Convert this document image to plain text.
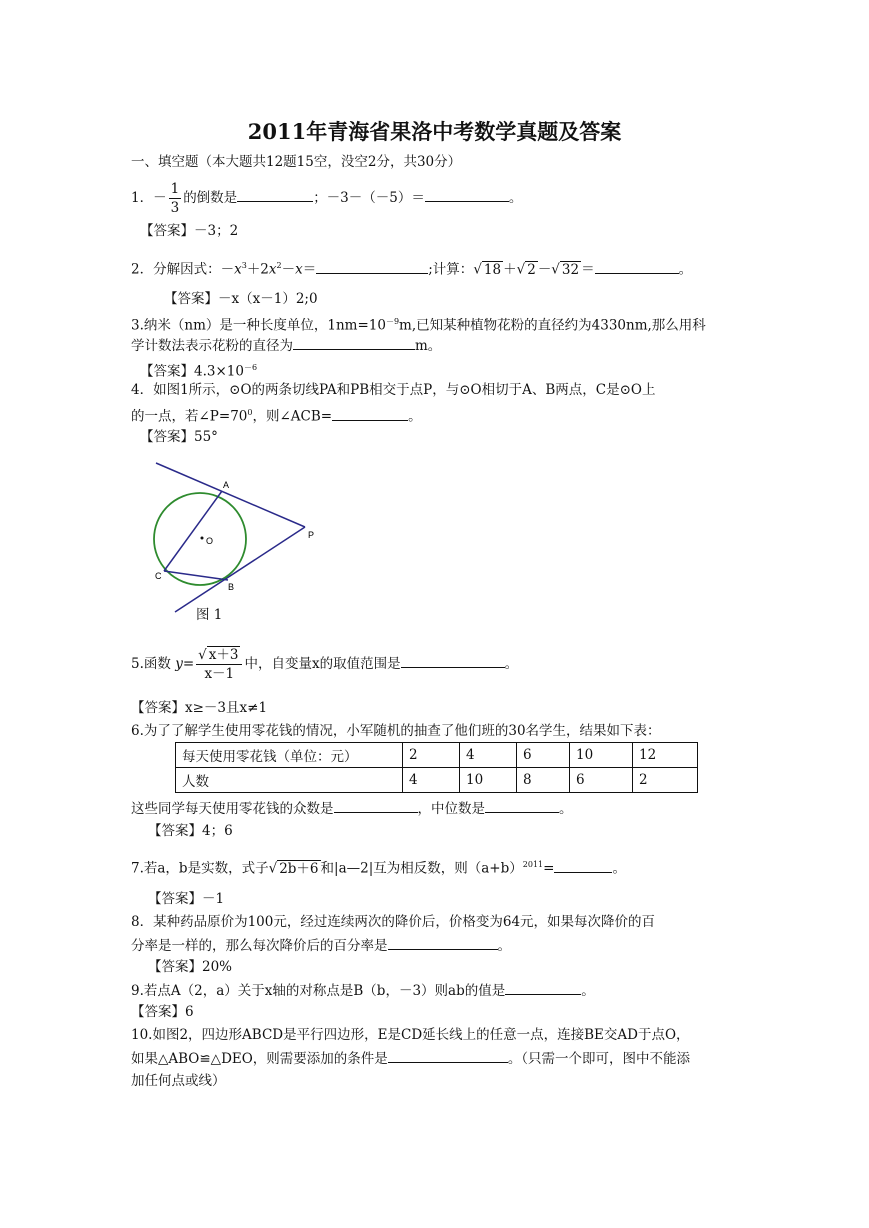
2011年青海省果洛中考数学真题及答案
一、填空题（本大题共12题15空，没空2分，共30分）
1．－ $\frac{1}{3}$ 的倒数是	；－3－（－5）＝	。
【答案】－3；2
2．分解因式：$-x^3+2x^2-x=$	;计算：√ 18 ＋√ 2 －√ 32 ＝	。
【答案】－x（x－1）2;0
3.纳米（nm）是一种长度单位，$1nm=10^{-9}m$,已知某种植物花粉的直径约为4330nm,那么用科
学计数法表示花粉的直径为	m。
【答案】$4.3\times 10^{-6}$
4．如图1所示，⊙O的两条切线PA和PB相交于点P，与⊙O相切于A、B两点，C是⊙O上
的一点，若$\angle P=70^0$，则∠ACB=	。
【答案】55°
A
O
P
C
B
图 1
5.函数 $y= \frac{√ x+3}{x-1}$ 中，自变量x的取值范围是	。
【答案】x≥－3且x≠1
6.为了了解学生使用零花钱的情况，小军随机的抽查了他们班的30名学生，结果如下表：
每天使用零花钱（单位：元）	2	4	6	10	12
人数	4	10	8	6	2
这些同学每天使用零花钱的众数是	，中位数是	。
【答案】4；6
7.若a，b是实数，式子√ 2b＋6 和|a—2|互为相反数，则$(a+b)^{2011}=$	。
【答案】－1
8．某种药品原价为100元，经过连续两次的降价后，价格变为64元，如果每次降价的百
分率是一样的，那么每次降价后的百分率是	。
【答案】20%
9.若点A（2，a）关于x轴的对称点是B（b，－3）则ab的值是	。
【答案】6
10.如图2，四边形ABCD是平行四边形，E是CD延长线上的任意一点，连接BE交AD于点O，
如果△ABO≌△DEO，则需要添加的条件是	。（只需一个即可，图中不能添
加任何点或线）
